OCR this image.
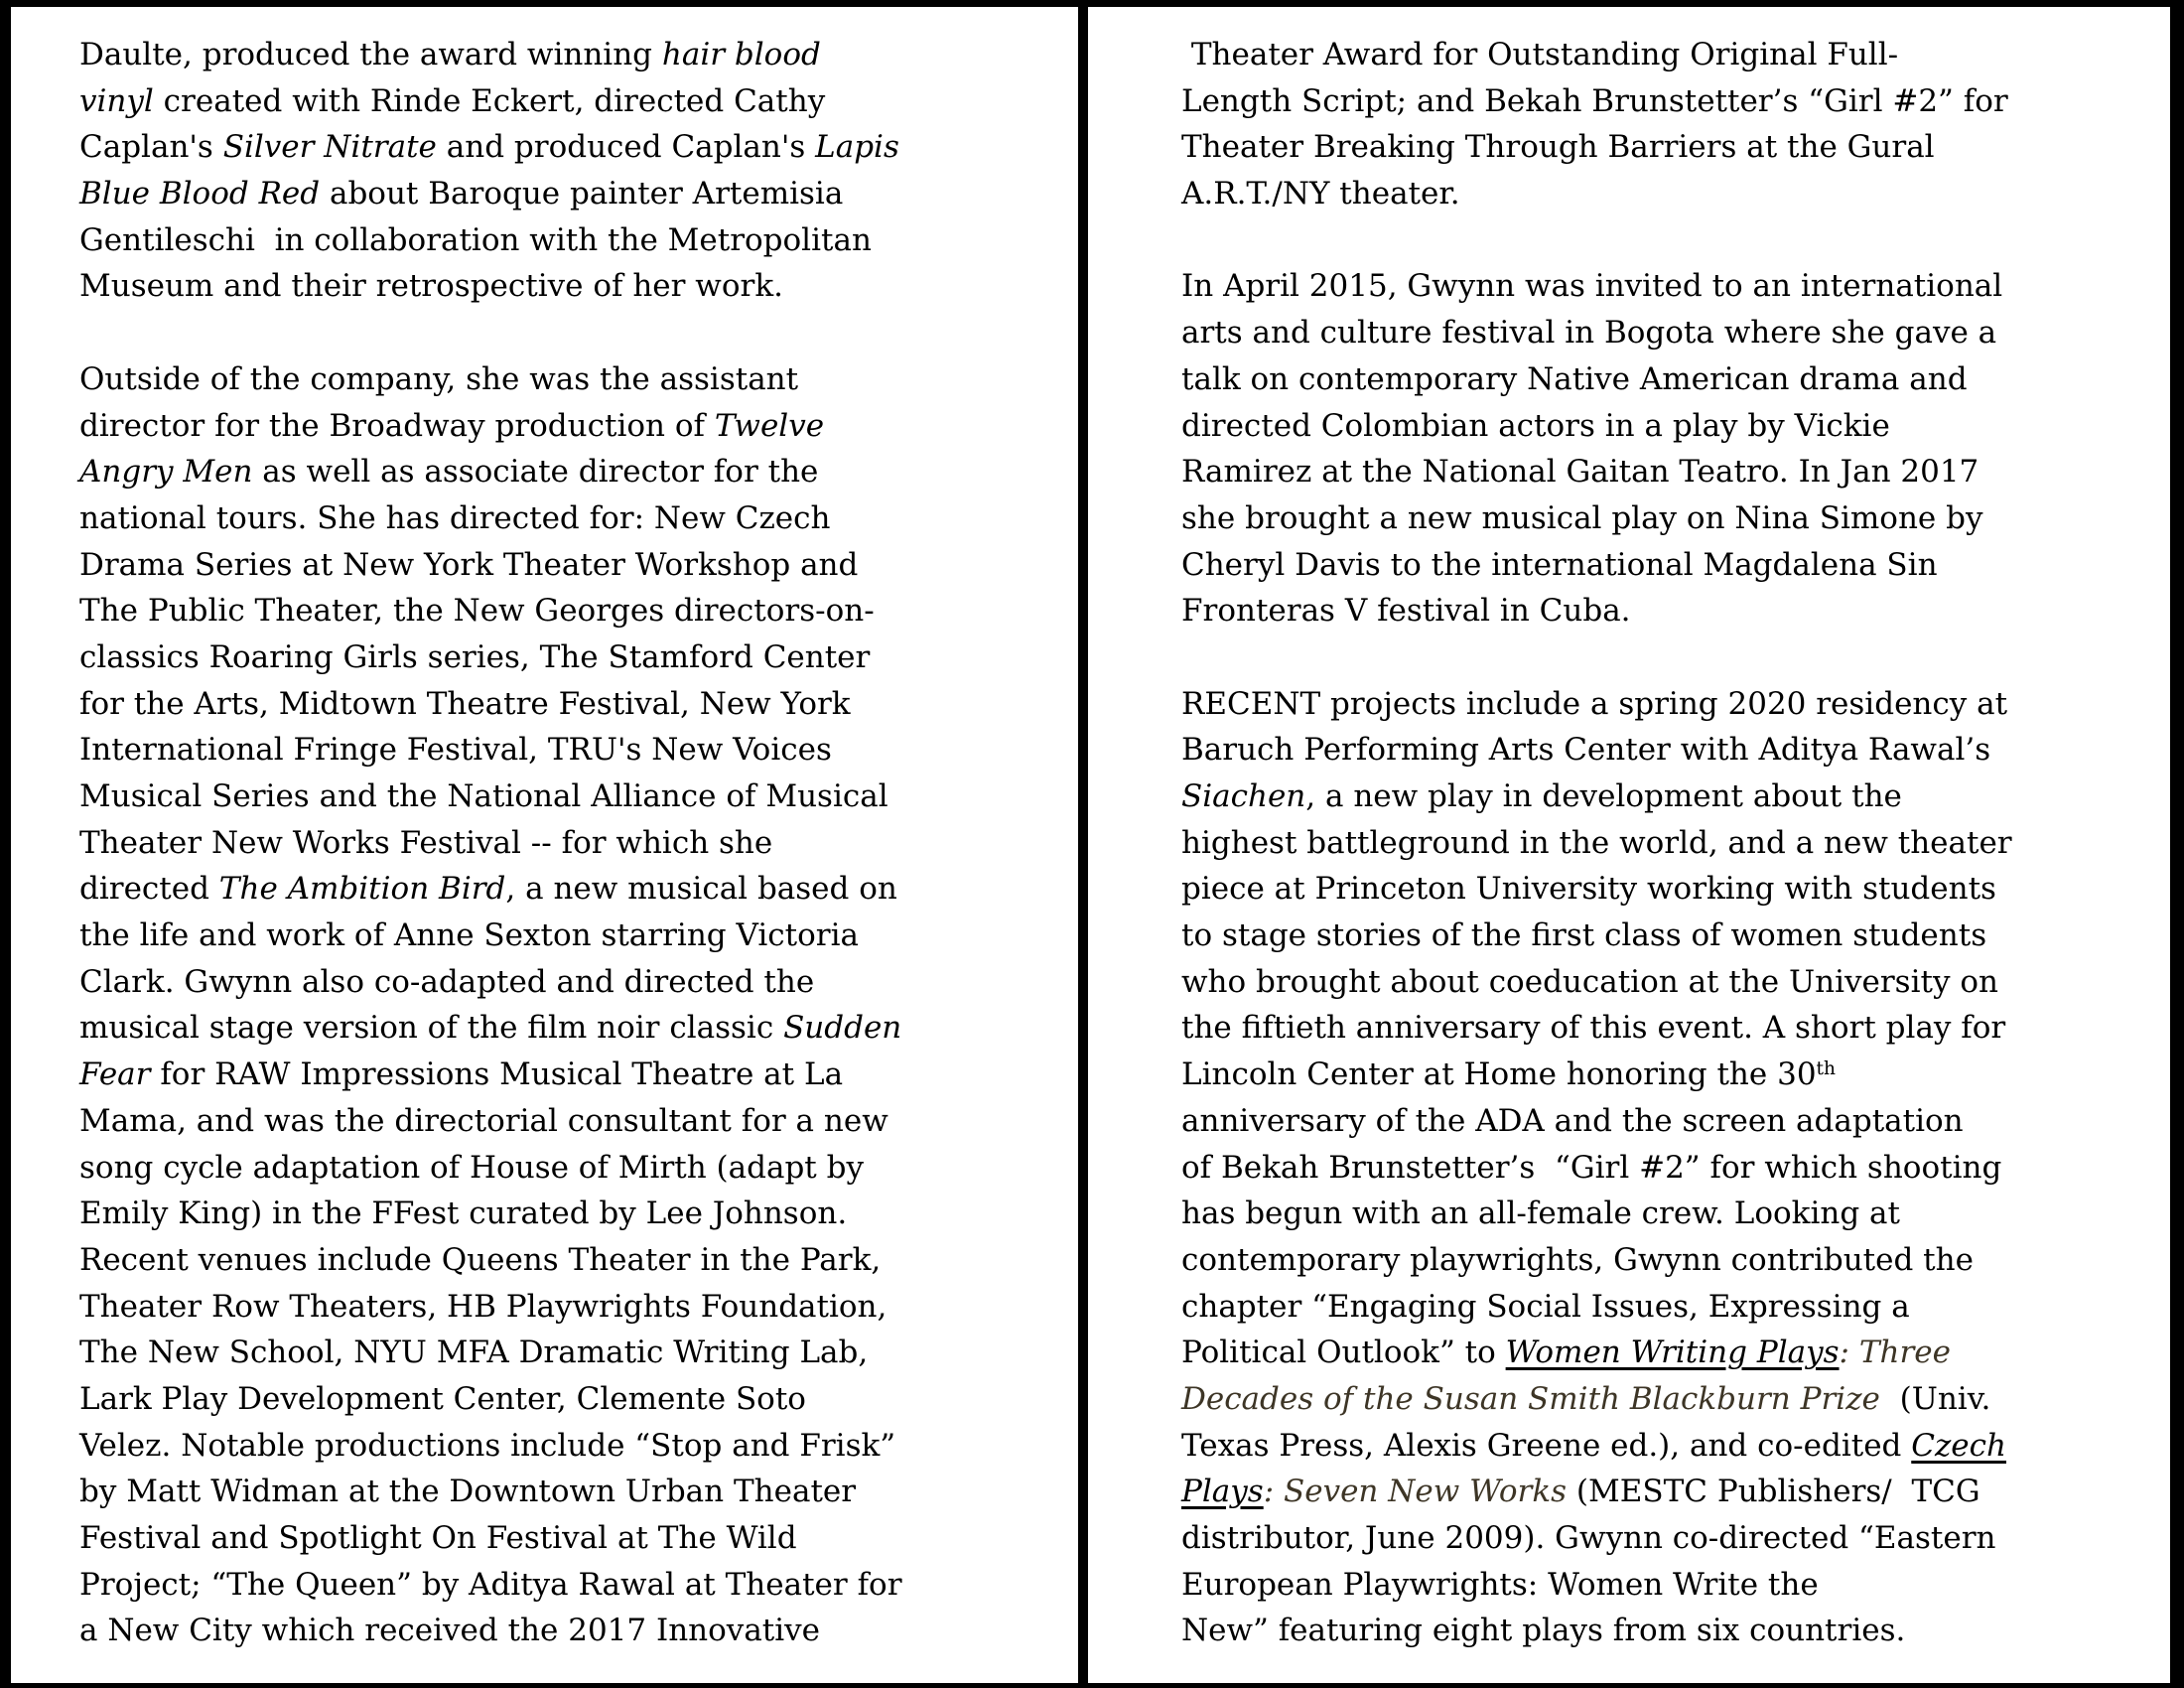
Daulte, produced the award winning hair blood
vinyl created with Rinde Eckert, directed Cathy
Caplan's Silver Nitrate and produced Caplan's Lapis
Blue Blood Red about Baroque painter Artemisia
Gentileschi  in collaboration with the Metropolitan
Museum and their retrospective of her work.
Outside of the company, she was the assistant
director for the Broadway production of Twelve
Angry Men as well as associate director for the
national tours. She has directed for: New Czech
Drama Series at New York Theater Workshop and
The Public Theater, the New Georges directors-on-
classics Roaring Girls series, The Stamford Center
for the Arts, Midtown Theatre Festival, New York
International Fringe Festival, TRU's New Voices
Musical Series and the National Alliance of Musical
Theater New Works Festival -- for which she
directed The Ambition Bird, a new musical based on
the life and work of Anne Sexton starring Victoria
Clark. Gwynn also co-adapted and directed the
musical stage version of the film noir classic Sudden
Fear for RAW Impressions Musical Theatre at La
Mama, and was the directorial consultant for a new
song cycle adaptation of House of Mirth (adapt by
Emily King) in the FFest curated by Lee Johnson.
Recent venues include Queens Theater in the Park,
Theater Row Theaters, HB Playwrights Foundation,
The New School, NYU MFA Dramatic Writing Lab,
Lark Play Development Center, Clemente Soto
Velez. Notable productions include “Stop and Frisk”
by Matt Widman at the Downtown Urban Theater
Festival and Spotlight On Festival at The Wild
Project; “The Queen” by Aditya Rawal at Theater for
a New City which received the 2017 Innovative
Theater Award for Outstanding Original Full-
Length Script; and Bekah Brunstetter’s “Girl #2” for
Theater Breaking Through Barriers at the Gural
A.R.T./NY theater.
In April 2015, Gwynn was invited to an international
arts and culture festival in Bogota where she gave a
talk on contemporary Native American drama and
directed Colombian actors in a play by Vickie
Ramirez at the National Gaitan Teatro. In Jan 2017
she brought a new musical play on Nina Simone by
Cheryl Davis to the international Magdalena Sin
Fronteras V festival in Cuba.
RECENT projects include a spring 2020 residency at
Baruch Performing Arts Center with Aditya Rawal’s
Siachen, a new play in development about the
highest battleground in the world, and a new theater
piece at Princeton University working with students
to stage stories of the first class of women students
who brought about coeducation at the University on
the fiftieth anniversary of this event. A short play for
Lincoln Center at Home honoring the 30th
anniversary of the ADA and the screen adaptation
of Bekah Brunstetter’s  “Girl #2” for which shooting
has begun with an all-female crew. Looking at
contemporary playwrights, Gwynn contributed the
chapter “Engaging Social Issues, Expressing a
Political Outlook” to Women Writing Plays: Three
Decades of the Susan Smith Blackburn Prize  (Univ.
Texas Press, Alexis Greene ed.), and co-edited Czech
Plays: Seven New Works (MESTC Publishers/  TCG
distributor, June 2009). Gwynn co-directed “Eastern
European Playwrights: Women Write the
New” featuring eight plays from six countries.
